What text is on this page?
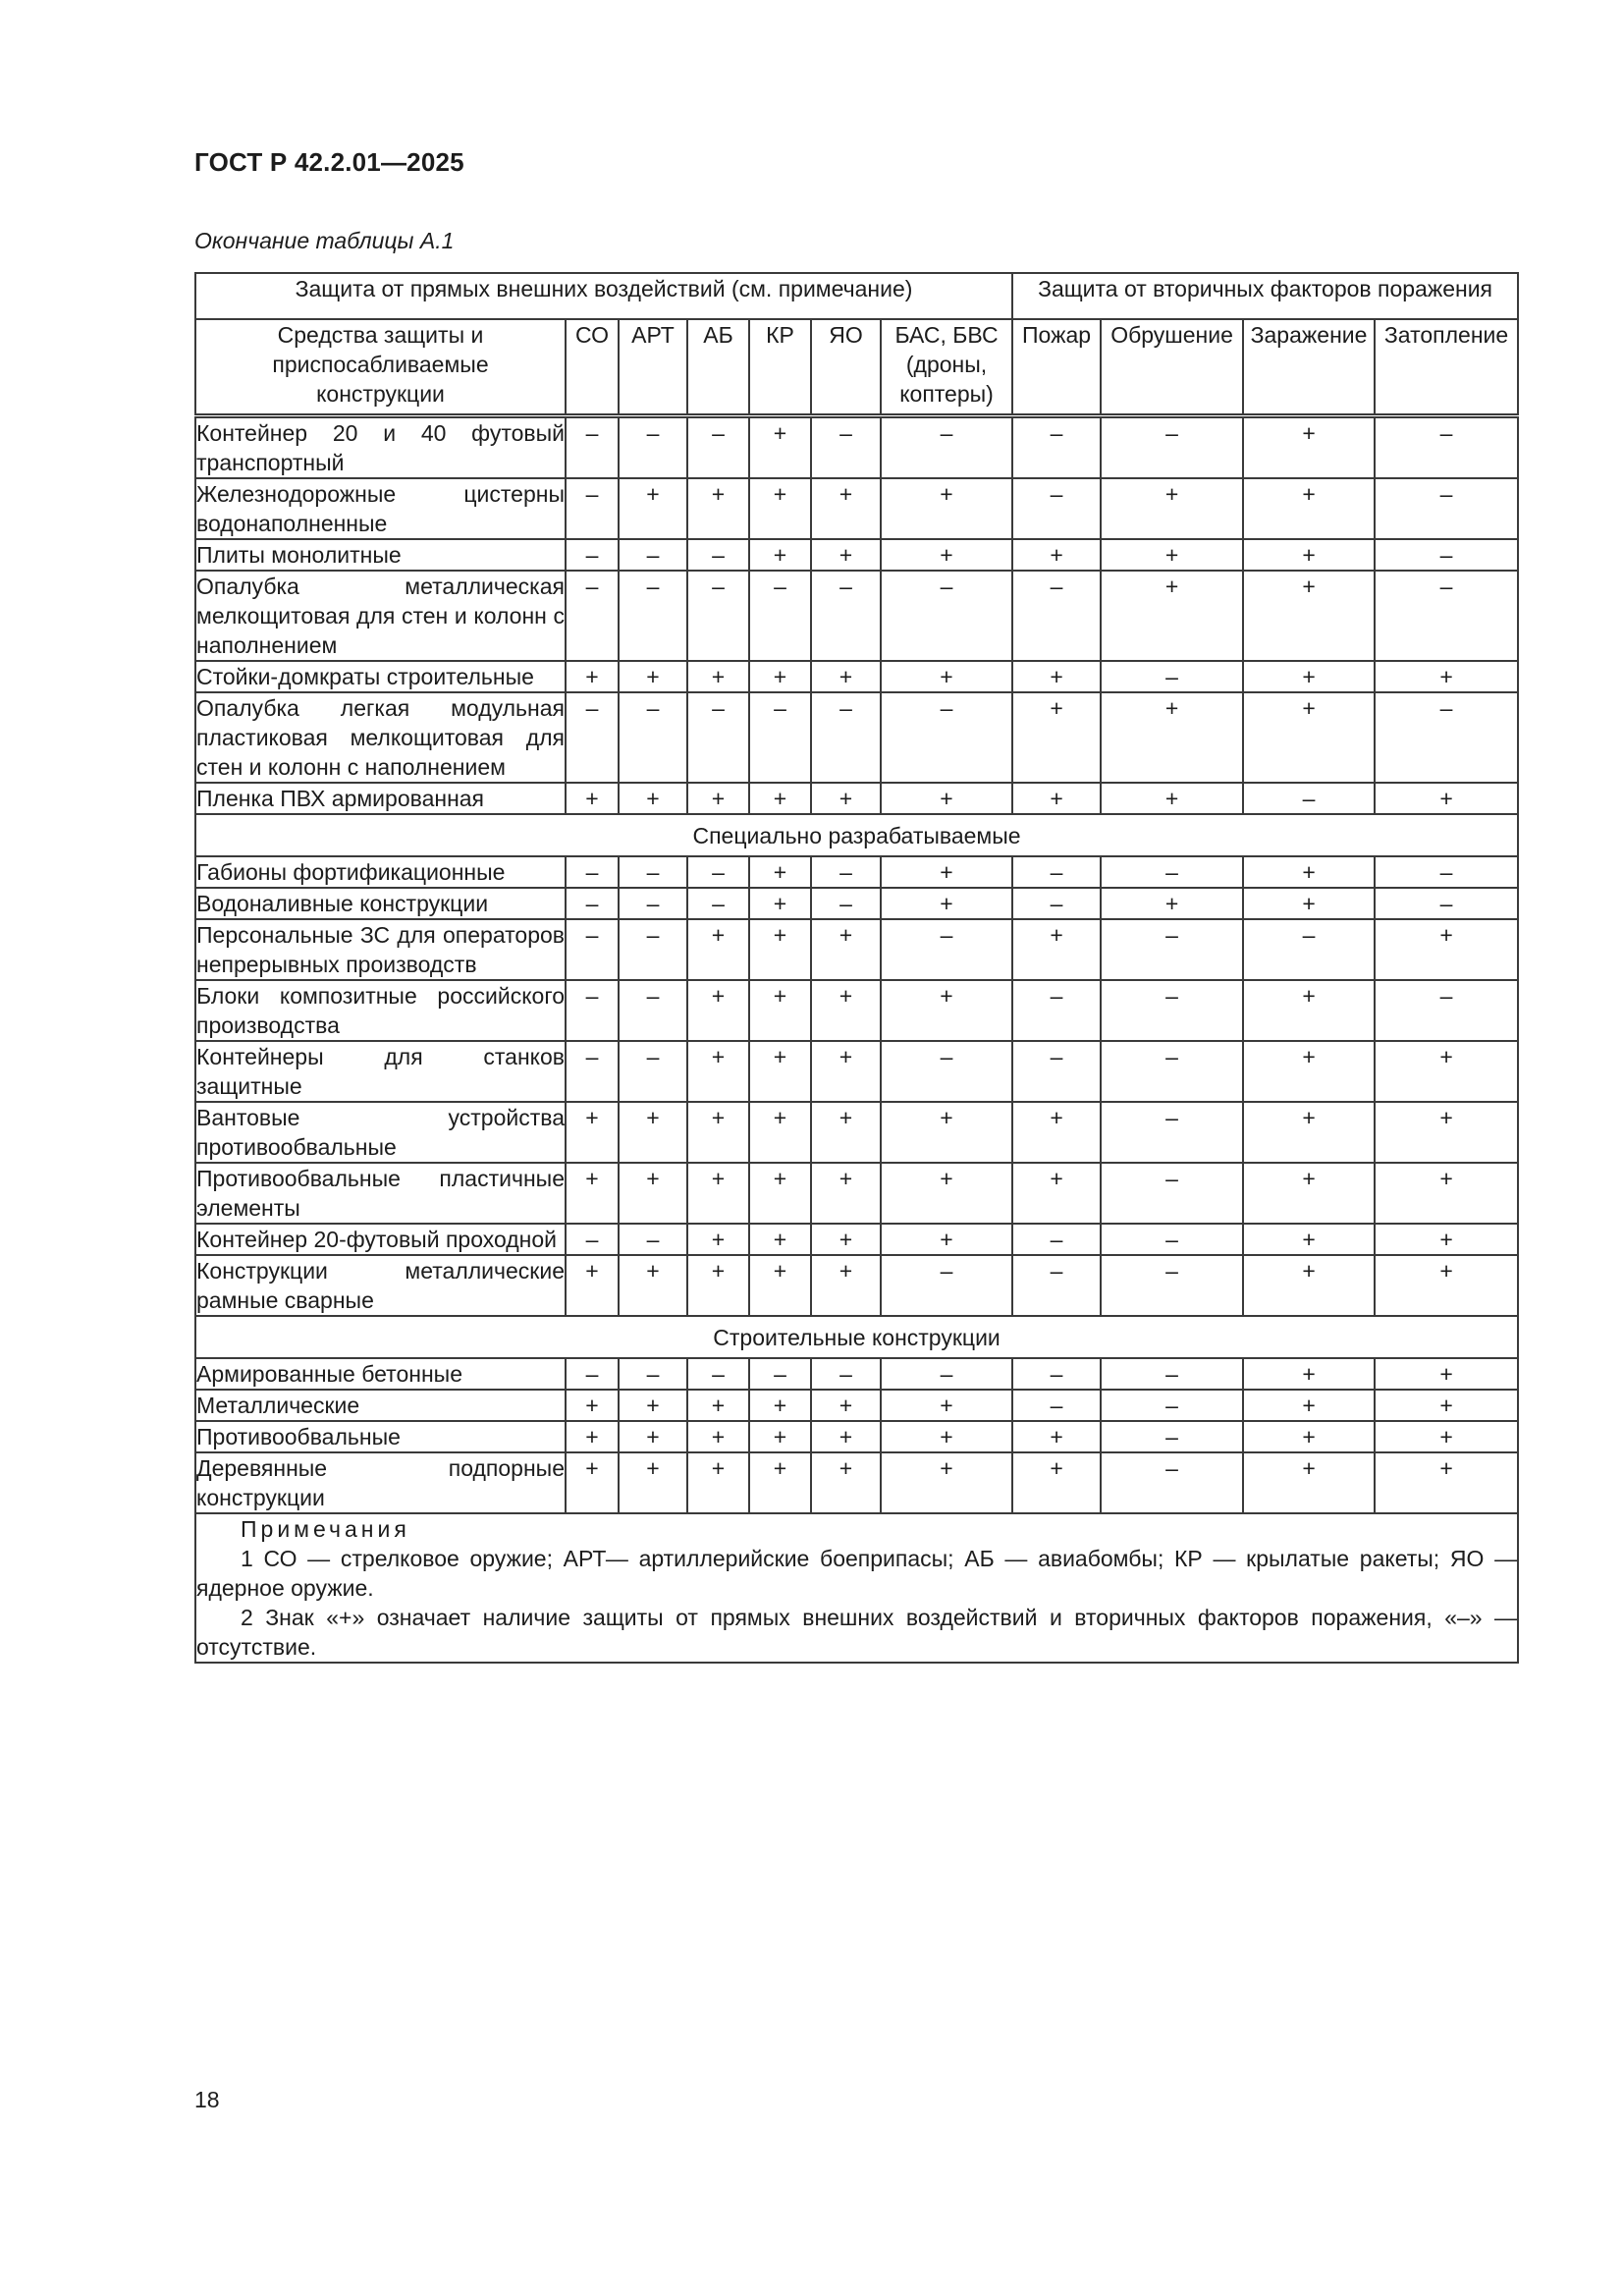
ГОСТ Р 42.2.01—2025
Окончание таблицы А.1
Защита от прямых внешних воздействий (см. примечание)							Защита от вторичных факторов поражения			
Средства защиты и приспосабливаемые конструкции	СО	АРТ	АБ	КР	ЯО	БАС, БВС (дроны, коптеры)	Пожар	Обрушение	Заражение	Затопление
Контейнер 20 и 40 футовый транспортный	–	–	–	+	–	–	–	–	+	–
Железнодорожные цистерны водонаполненные	–	+	+	+	+	+	–	+	+	–
Плиты монолитные	–	–	–	+	+	+	+	+	+	–
Опалубка металлическая мелкощитовая для стен и колонн с наполнением	–	–	–	–	–	–	–	+	+	–
Стойки-домкраты строительные	+	+	+	+	+	+	+	–	+	+
Опалубка легкая модульная пластиковая мелкощитовая для стен и колонн с наполнением	–	–	–	–	–	–	+	+	+	–
Пленка ПВХ армированная	+	+	+	+	+	+	+	+	–	+
Специально разрабатываемые										
Габионы фортификационные	–	–	–	+	–	+	–	–	+	–
Водоналивные конструкции	–	–	–	+	–	+	–	+	+	–
Персональные ЗС для операторов непрерывных производств	–	–	+	+	+	–	+	–	–	+
Блоки композитные российского производства	–	–	+	+	+	+	–	–	+	–
Контейнеры для станков защитные	–	–	+	+	+	–	–	–	+	+
Вантовые устройства противообвальные	+	+	+	+	+	+	+	–	+	+
Противообвальные пластичные элементы	+	+	+	+	+	+	+	–	+	+
Контейнер 20-футовый проходной	–	–	+	+	+	+	–	–	+	+
Конструкции металлические рамные сварные	+	+	+	+	+	–	–	–	+	+
Строительные конструкции										
Армированные бетонные	–	–	–	–	–	–	–	–	+	+
Металлические	+	+	+	+	+	+	–	–	+	+
Противообвальные	+	+	+	+	+	+	+	–	+	+
Деревянные подпорные конструкции	+	+	+	+	+	+	+	–	+	+

Примечания
1 СО — стрелковое оружие; АРТ— артиллерийские боеприпасы; АБ — авиабомбы; КР — крылатые ракеты; ЯО — ядерное оружие.
2 Знак «+» означает наличие защиты от прямых внешних воздействий и вторичных факторов поражения, «–» — отсутствие.										
18
